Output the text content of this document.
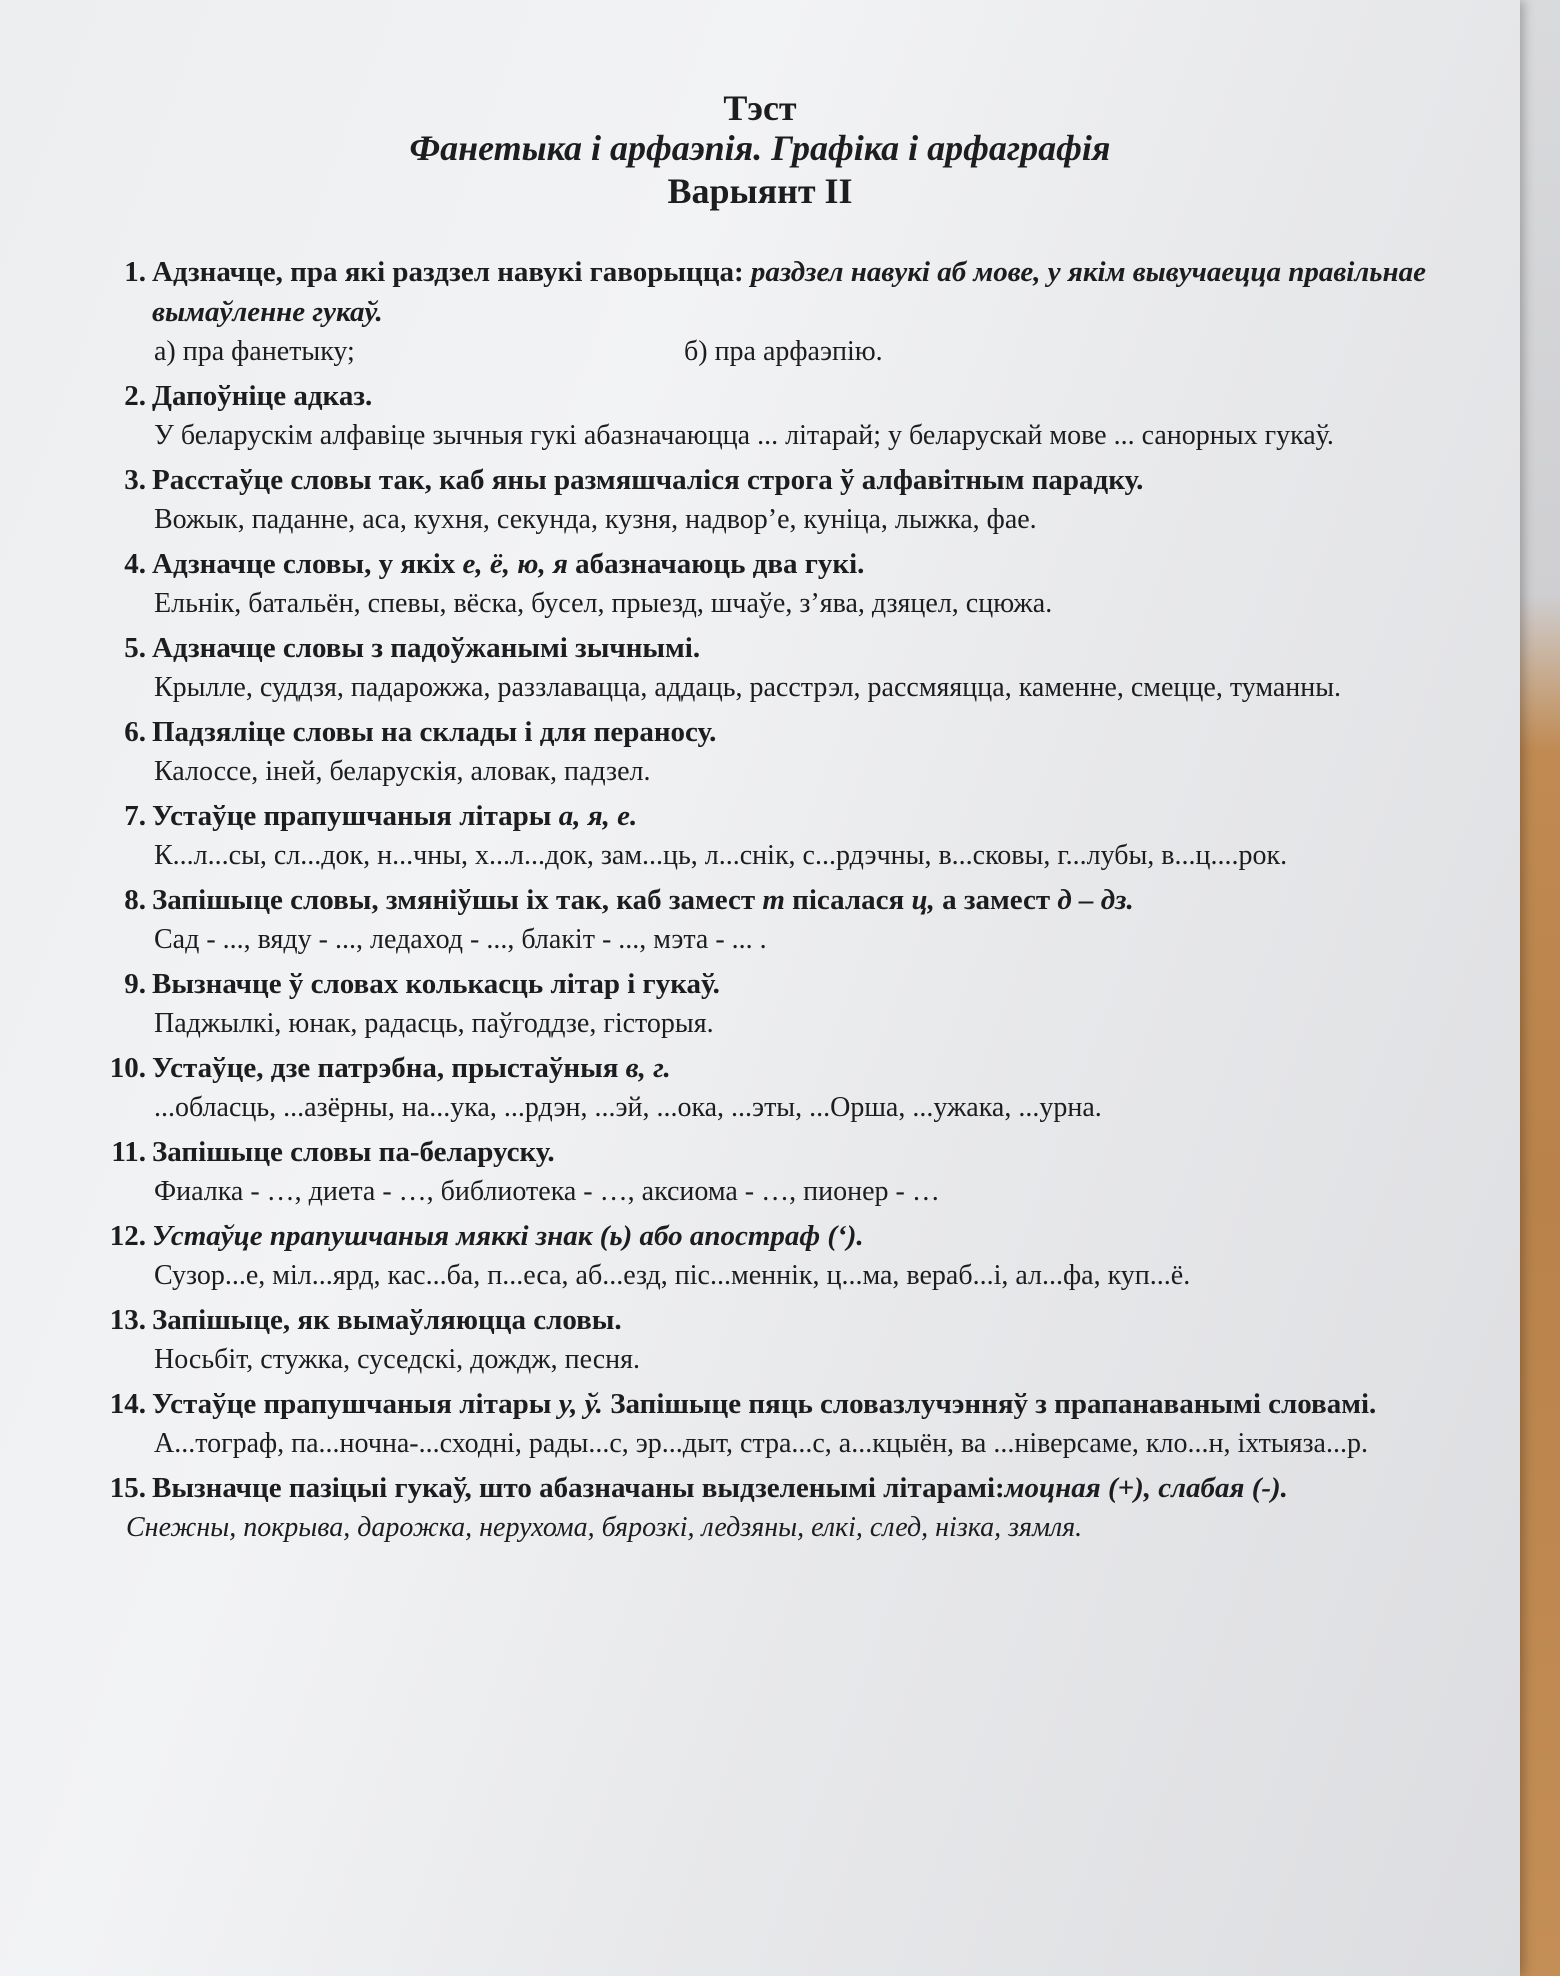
Тэст
Фанетыка і арфаэпія. Графіка і арфаграфія
Варыянт II
1. Адзначце, пра які раздзел навукі гаворыцца: раздзел навукі аб мове, у якім вывучаецца правільнае вымаўленне гукаў.
а) пра фанетыку;	б) пра арфаэпію.
2. Дапоўніце адказ.
У беларускім алфавіце зычныя гукі абазначаюцца ... літарай; у беларускай мове ... санорных гукаў.
3. Расстаўце словы так, каб яны размяшчаліся строга ў алфавітным парадку.
Вожык, паданне, аса, кухня, секунда, кузня, надвор’е, куніца, лыжка, фае.
4. Адзначце словы, у якіх е, ё, ю, я абазначаюць два гукі.
Ельнік, батальён, спевы, вёска, бусел, прыезд, шчаўе, з’ява, дзяцел, сцюжа.
5. Адзначце словы з падоўжанымі зычнымі.
Крылле, суддзя, падарожжа, раззлавацца, аддаць, расстрэл, рассмяяцца, каменне, смецце, туманны.
6. Падзяліце словы на склады і для пераносу.
Калоссе, іней, беларускія, аловак, падзел.
7. Устаўце прапушчаныя літары а, я, е.
К...л...сы, сл...док, н...чны, х...л...док, зам...ць, л...снік, с...рдэчны, в...сковы, г...лубы, в...ц....рок.
8. Запішыце словы, змяніўшы іх так, каб замест т пісалася ц, а замест д – дз.
Сад - ..., вяду - ..., ледаход - ..., блакіт - ..., мэта - ... .
9. Вызначце ў словах колькасць літар і гукаў.
Паджылкі, юнак, радасць, паўгоддзе, гісторыя.
10. Устаўце, дзе патрэбна, прыстаўныя в, г.
...обласць, ...азёрны, на...ука, ...рдэн, ...эй, ...ока, ...эты, ...Орша, ...ужака, ...урна.
11. Запішыце словы па-беларуску.
Фиалка - …, диета - …, библиотека - …, аксиома - …, пионер - …
12. Устаўце прапушчаныя мяккі знак (ь) або апостраф (‘).
Сузор...е, міл...ярд, кас...ба, п...еса, аб...езд, піс...меннік, ц...ма, вераб...і, ал...фа, куп...ё.
13. Запішыце, як вымаўляюцца словы.
Носьбіт, стужка, суседскі, дождж, песня.
14. Устаўце прапушчаныя літары у, ў. Запішыце пяць словазлучэнняў з прапанаванымі словамі.
А...тограф, па...ночна-...сходні, рады...с, эр...дыт, стра...с, а...кцыён, ва ...ніверсаме, кло...н, іхтыяза...р.
15. Вызначце пазіцыі гукаў, што абазначаны выдзеленымі літарамі:моцная (+), слабая (-).
Снежны, покрыва, дарожка, нерухома, бярозкі, ледзяны, елкі, след, нізка, зямля.
